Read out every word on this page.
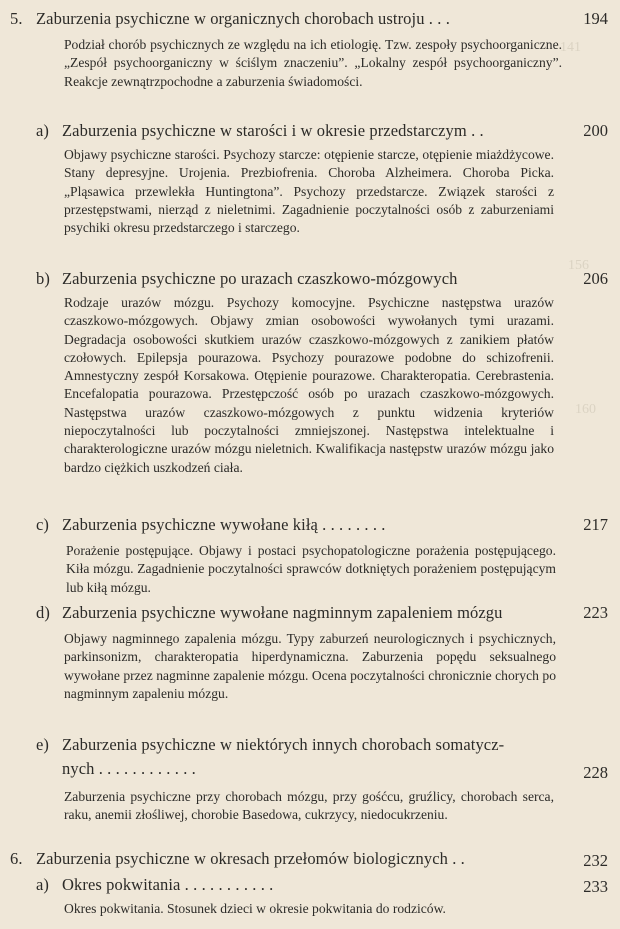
141
156
160
5. Zaburzenia psychiczne w organicznych chorobach ustroju . . .	194
Podział chorób psychicznych ze względu na ich etiologię. Tzw. zespoły psychoorganiczne. „Zespół psychoorganiczny w ściślym znaczeniu”. „Lokalny zespół psychoorganiczny”. Reakcje zewnątrzpochodne a zaburzenia świadomości.
a) Zaburzenia psychiczne w starości i w okresie przedstarczym . .	200
Objawy psychiczne starości. Psychozy starcze: otępienie starcze, otępienie miażdżycowe. Stany depresyjne. Urojenia. Prezbiofrenia. Choroba Alzheimera. Choroba Picka. „Pląsawica przewlekła Huntingtona”. Psychozy przedstarcze. Związek starości z przestępstwami, nierząd z nieletnimi. Zagadnienie poczytalności osób z zaburzeniami psychiki okresu przedstarczego i starczego.
b) Zaburzenia psychiczne po urazach czaszkowo-mózgowych	206
Rodzaje urazów mózgu. Psychozy komocyjne. Psychiczne następstwa urazów czaszkowo-mózgowych. Objawy zmian osobowości wywołanych tymi urazami. Degradacja osobowości skutkiem urazów czaszkowo-mózgowych z zanikiem płatów czołowych. Epilepsja pourazowa. Psychozy pourazowe podobne do schizofrenii. Amnestyczny zespół Korsakowa. Otępienie pourazowe. Charakteropatia. Cerebrastenia. Encefalopatia pourazowa. Przestępczość osób po urazach czaszkowo-mózgowych. Następstwa urazów czaszkowo-mózgowych z punktu widzenia kryteriów niepoczytalności lub poczytalności zmniejszonej. Następstwa intelektualne i charakterologiczne urazów mózgu nieletnich. Kwalifikacja następstw urazów mózgu jako bardzo ciężkich uszkodzeń ciała.
c) Zaburzenia psychiczne wywołane kiłą . . . . . . . .	217
Porażenie postępujące. Objawy i postaci psychopatologiczne porażenia postępującego. Kiła mózgu. Zagadnienie poczytalności sprawców dotkniętych porażeniem postępującym lub kiłą mózgu.
d) Zaburzenia psychiczne wywołane nagminnym zapaleniem mózgu	223
Objawy nagminnego zapalenia mózgu. Typy zaburzeń neurologicznych i psychicznych, parkinsonizm, charakteropatia hiperdynamiczna. Zaburzenia popędu seksualnego wywołane przez nagminne zapalenie mózgu. Ocena poczytalności chronicznie chorych po nagminnym zapaleniu mózgu.
e) Zaburzenia psychiczne w niektórych innych chorobach somatycz-
nych . . . . . . . . . . . .	228
Zaburzenia psychiczne przy chorobach mózgu, przy gośćcu, gruźlicy, chorobach serca, raku, anemii złośliwej, chorobie Basedowa, cukrzycy, niedocukrzeniu.
6. Zaburzenia psychiczne w okresach przełomów biologicznych . .	232
a) Okres pokwitania . . . . . . . . . . .	233
Okres pokwitania. Stosunek dzieci w okresie pokwitania do rodziców.
